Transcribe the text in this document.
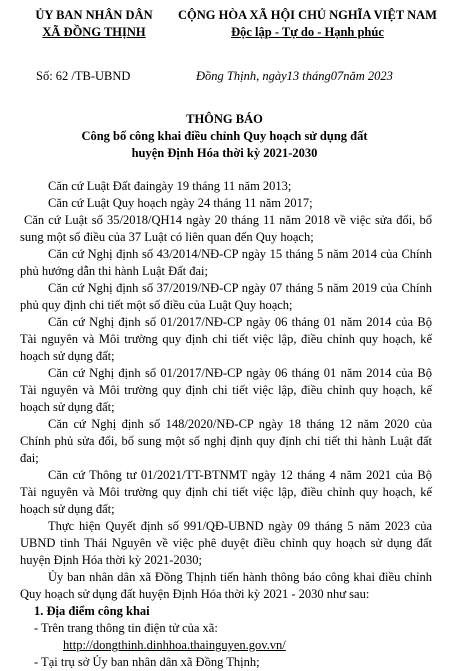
ỦY BAN NHÂN DÂN
XÃ ĐỒNG THỊNH
CỘNG HÒA XÃ HỘI CHỦ NGHĨA VIỆT NAM
Độc lập - Tự do - Hạnh phúc
Số: 62 /TB-UBND	Đồng Thịnh, ngày13 tháng07năm 2023
THÔNG BÁO
Công bố công khai điều chỉnh Quy hoạch sử dụng đất
huyện Định Hóa thời kỳ 2021-2030
Căn cứ Luật Đất đaingày 19 tháng 11 năm 2013;
Căn cứ Luật Quy hoạch ngày 24 tháng 11 năm 2017;
Căn cứ Luật số 35/2018/QH14 ngày 20 tháng 11 năm 2018 về việc sửa đổi, bổ
sung một số điều của 37 Luật có liên quan đến Quy hoạch;
Căn cứ Nghị định số 43/2014/NĐ-CP ngày 15 tháng 5 năm 2014 của Chính
phủ hướng dẫn thi hành Luật Đất đai;
Căn cứ Nghị định số 37/2019/NĐ-CP ngày 07 tháng 5 năm 2019 của Chính
phủ quy định chi tiết một số điều của Luật Quy hoạch;
Căn cứ Nghị định số 01/2017/NĐ-CP ngày 06 tháng 01 năm 2014 của Bộ
Tài nguyên và Môi trường quy định chi tiết việc lập, điều chỉnh quy hoạch, kế
hoạch sử dụng đất;
Căn cứ Nghị định số 01/2017/NĐ-CP ngày 06 tháng 01 năm 2014 của Bộ
Tài nguyên và Môi trường quy định chi tiết việc lập, điều chỉnh quy hoạch, kế
hoạch sử dụng đất;
Căn cứ Nghị định số 148/2020/NĐ-CP ngày 18 tháng 12 năm 2020 của
Chính phủ sửa đổi, bổ sung một số nghị định quy định chi tiết thi hành Luật đất
đai;
Căn cứ Thông tư 01/2021/TT-BTNMT ngày 12 tháng 4 năm 2021 của Bộ
Tài nguyên và Môi trường quy định chi tiết việc lập, điều chỉnh quy hoạch, kế
hoạch sử dụng đất;
Thực hiện Quyết định số 991/QĐ-UBND ngày 09 tháng 5 năm 2023 của
UBND tỉnh Thái Nguyên về việc phê duyệt điều chỉnh quy hoạch sử dụng đất
huyện Định Hóa thời kỳ 2021-2030;
Ủy ban nhân dân xã Đồng Thịnh tiến hành thông báo công khai điều chỉnh
Quy hoạch sử dụng đất huyện Định Hóa thời kỳ 2021 - 2030 như sau:
1. Địa điểm công khai
- Trên trang thông tin điện tử của xã:
http://dongthinh.dinhhoa.thainguyen.gov.vn/
- Tại trụ sở Ủy ban nhân dân xã Đồng Thịnh;
